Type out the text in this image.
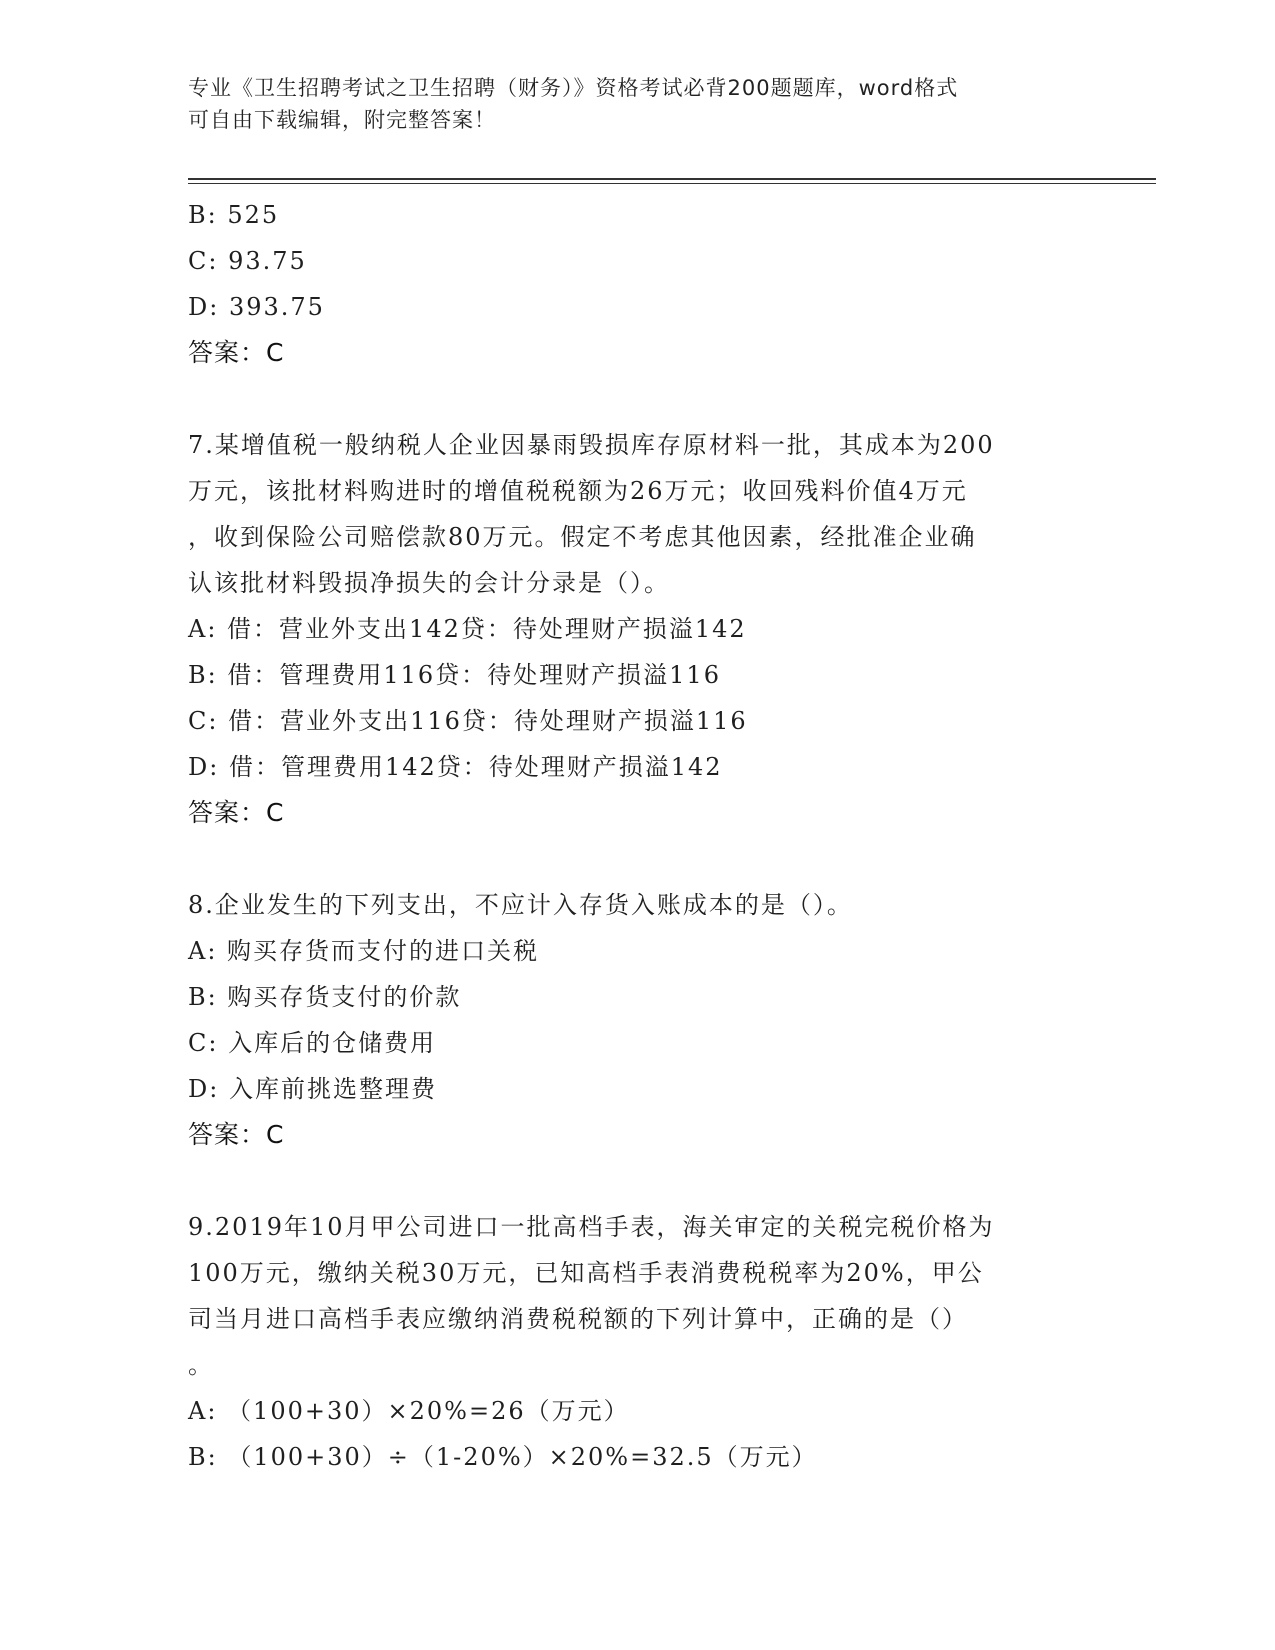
专业《卫生招聘考试之卫生招聘（财务）》资格考试必背200题题库，word格式
可自由下载编辑，附完整答案！
B: 525
C: 93.75
D: 393.75
答案：C
7.某增值税一般纳税人企业因暴雨毁损库存原材料一批，其成本为200
万元，该批材料购进时的增值税税额为26万元；收回残料价值4万元
，收到保险公司赔偿款80万元。假定不考虑其他因素，经批准企业确
认该批材料毁损净损失的会计分录是（）。
A: 借：营业外支出142贷：待处理财产损溢142
B: 借：管理费用116贷：待处理财产损溢116
C: 借：营业外支出116贷：待处理财产损溢116
D: 借：管理费用142贷：待处理财产损溢142
答案：C
8.企业发生的下列支出，不应计入存货入账成本的是（）。
A: 购买存货而支付的进口关税
B: 购买存货支付的价款
C: 入库后的仓储费用
D: 入库前挑选整理费
答案：C
9.2019年10月甲公司进口一批高档手表，海关审定的关税完税价格为
100万元，缴纳关税30万元，已知高档手表消费税税率为20%，甲公
司当月进口高档手表应缴纳消费税税额的下列计算中，正确的是（）
。
A: （100+30）×20%=26（万元）
B: （100+30）÷（1-20%）×20%=32.5（万元）
